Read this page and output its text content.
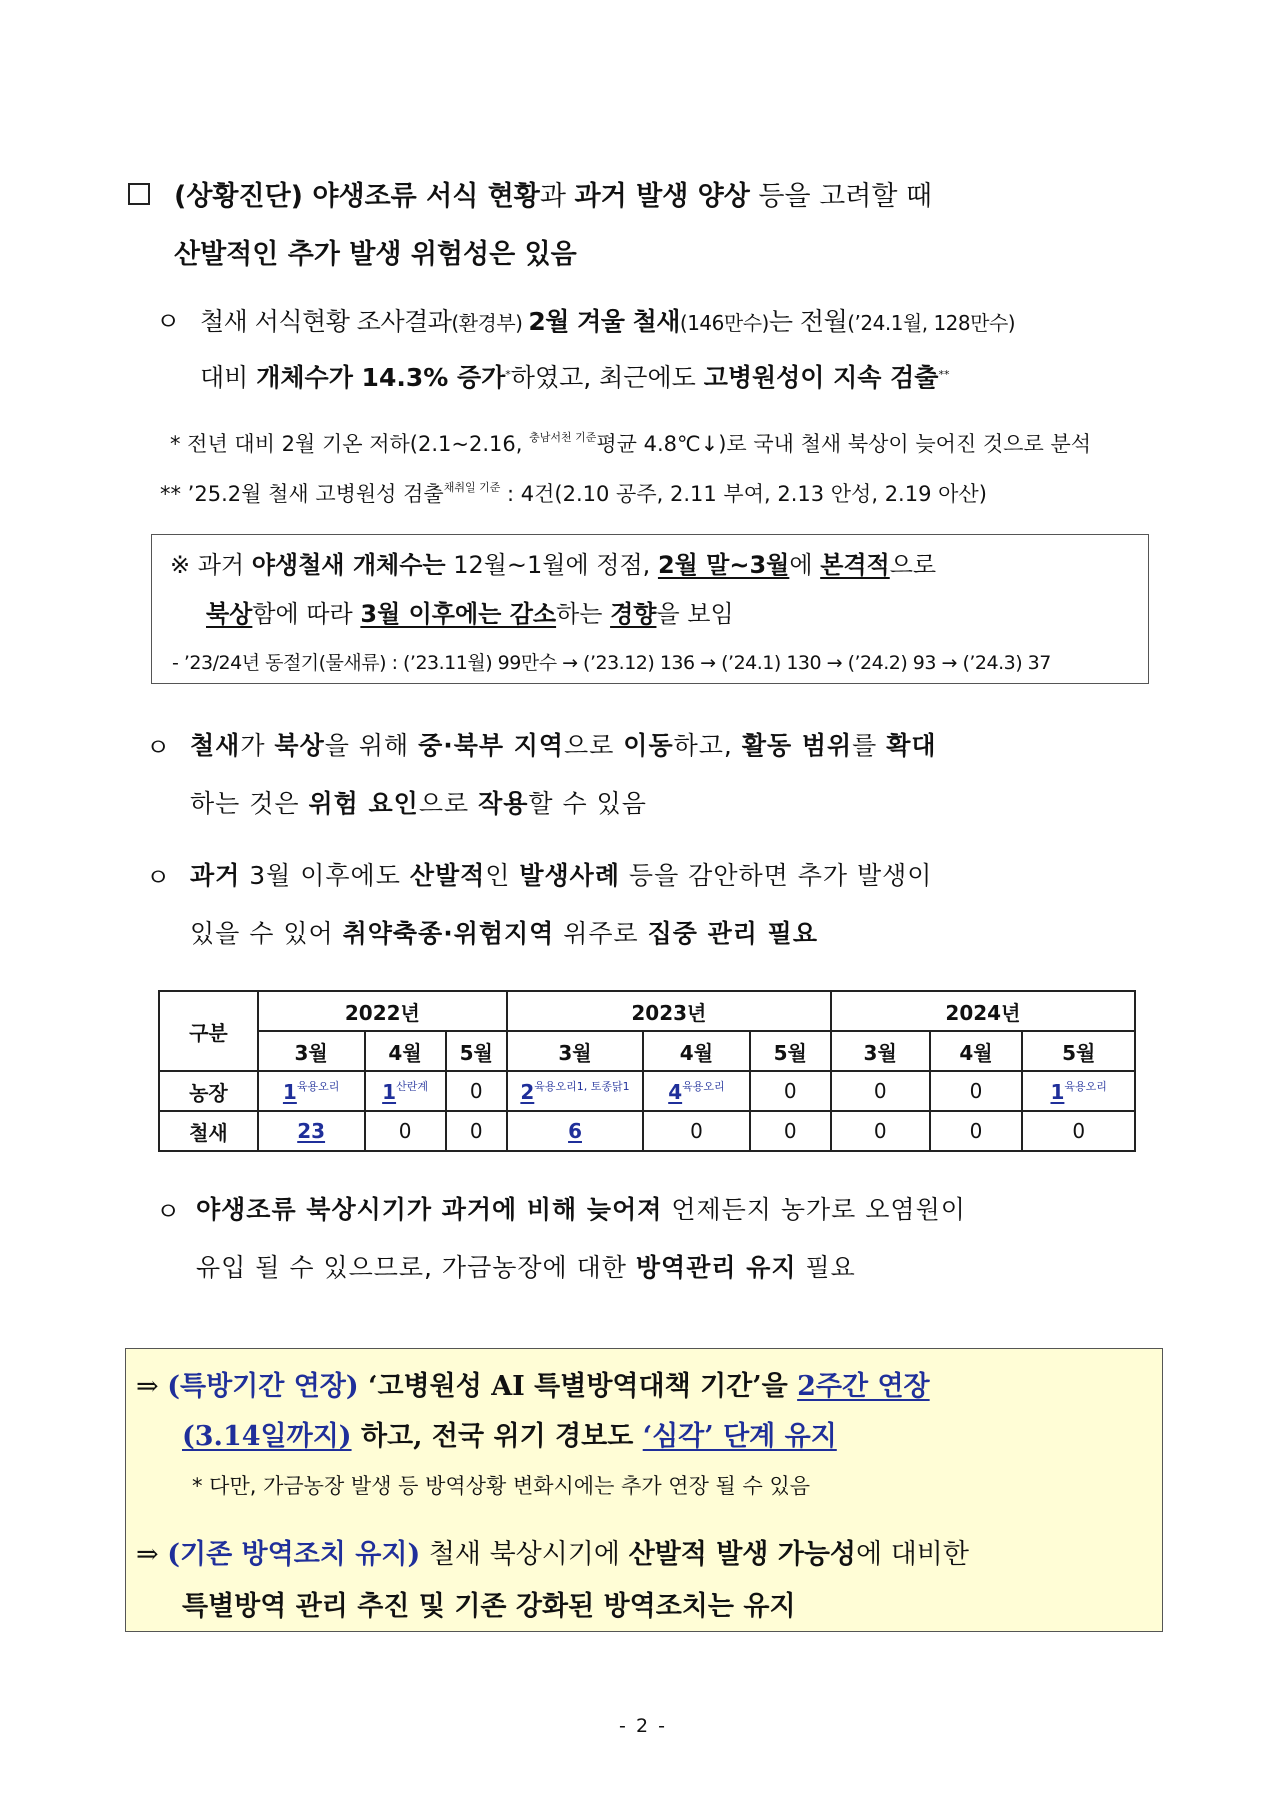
(상황진단) 야생조류 서식 현황과 과거 발생 양상 등을 고려할 때
산발적인 추가 발생 위험성은 있음
ㅇ 철새 서식현황 조사결과(환경부) 2월 겨울 철새(146만수)는 전월(’24.1월, 128만수)
대비 개체수가 14.3% 증가*하였고, 최근에도 고병원성이 지속 검출**
* 전년 대비 2월 기온 저하(2.1~2.16, $^{충남서천 기준}$평균 4.8℃↓)로 국내 철새 북상이 늦어진 것으로 분석
** ’25.2월 철새 고병원성 검출$^{채취일 기준}$ : 4건(2.10 공주, 2.11 부여, 2.13 안성, 2.19 아산)
※ 과거 야생철새 개체수는 12월~1월에 정점, 2월 말~3월에 본격적으로
북상함에 따라 3월 이후에는 감소하는 경향을 보임
- ’23/24년 동절기(물새류) : (’23.11월) 99만수 → (’23.12) 136 → (’24.1) 130 → (’24.2) 93 → (’24.3) 37
ㅇ 철새가 북상을 위해 중·북부 지역으로 이동하고, 활동 범위를 확대
하는 것은 위험 요인으로 작용할 수 있음
ㅇ 과거 3월 이후에도 산발적인 발생사례 등을 감안하면 추가 발생이
있을 수 있어 취약축종·위험지역 위주로 집중 관리 필요
구분	2022년			2023년			2024년		
	3월	4월	5월	3월	4월	5월	3월	4월	5월
농장	$1^{육용오리}$	$1^{산란계}$	0	$2^{육용오리1, 토종닭1}$	$4^{육용오리}$	0	0	0	$1^{육용오리}$
철새	23	0	0	6	0	0	0	0	0
ㅇ 야생조류 북상시기가 과거에 비해 늦어져 언제든지 농가로 오염원이
유입 될 수 있으므로, 가금농장에 대한 방역관리 유지 필요
⇒ (특방기간 연장) ‘고병원성 AI 특별방역대책 기간’을 2주간 연장
(3.14일까지) 하고, 전국 위기 경보도 ‘심각’ 단계 유지
* 다만, 가금농장 발생 등 방역상황 변화시에는 추가 연장 될 수 있음
⇒ (기존 방역조치 유지) 철새 북상시기에 산발적 발생 가능성에 대비한
특별방역 관리 추진 및 기존 강화된 방역조치는 유지
- 2 -
